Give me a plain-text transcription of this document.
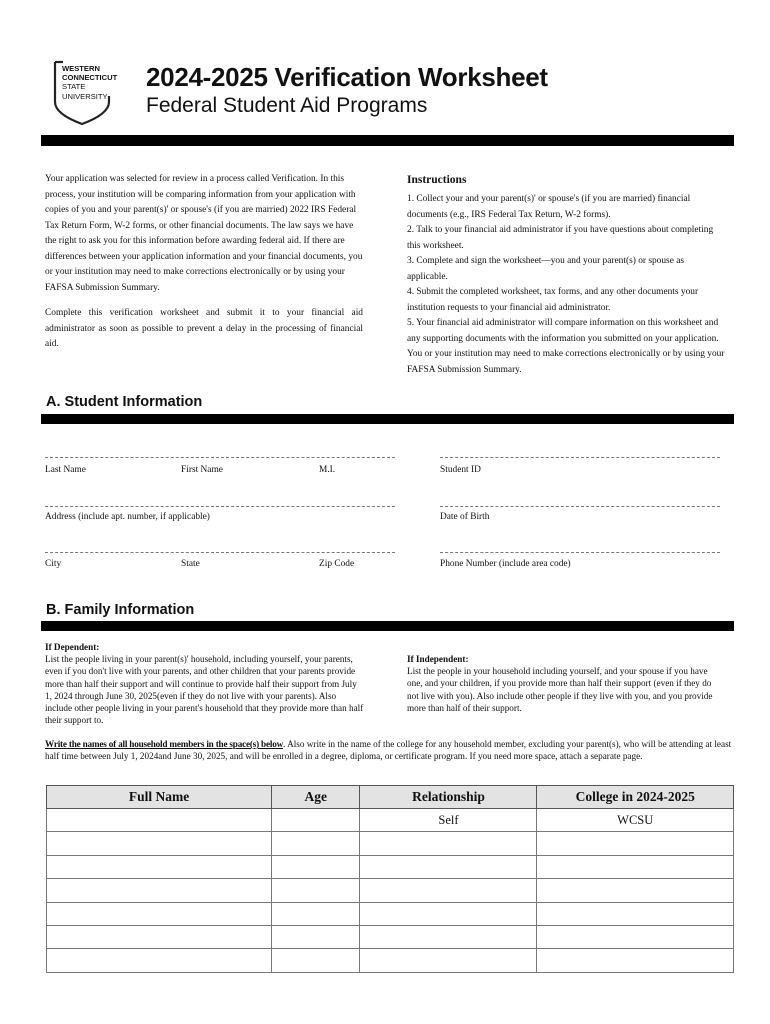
WESTERN
CONNECTICUT
STATE
UNIVERSITY
2024-2025 Verification Worksheet
Federal Student Aid Programs

Your application was selected for review in a process called Verification. In this process, your institution will be comparing information from your application with copies of you and your parent(s)' or spouse's (if you are married) 2022 IRS Federal Tax Return Form, W-2 forms, or other financial documents. The law says we have the right to ask you for this information before awarding federal aid. If there are differences between your application information and your financial documents, you or your institution may need to make corrections electronically or by using your FAFSA Submission Summary.

Complete this verification worksheet and submit it to your financial aid administrator as soon as possible to prevent a delay in the processing of financial aid.

Instructions
1. Collect your and your parent(s)' or spouse's (if you are married) financial documents (e.g., IRS Federal Tax Return, W-2 forms).
2. Talk to your financial aid administrator if you have questions about completing this worksheet.
3. Complete and sign the worksheet—you and your parent(s) or spouse as applicable.
4. Submit the completed worksheet, tax forms, and any other documents your institution requests to your financial aid administrator.
5. Your financial aid administrator will compare information on this worksheet and any supporting documents with the information you submitted on your application. You or your institution may need to make corrections electronically or by using your FAFSA Submission Summary.
A. Student Information
Last Name	First Name	M.I.	Student ID
Address (include apt. number, if applicable)	Date of Birth
City	State	Zip Code	Phone Number (include area code)
B. Family Information
If Dependent:
List the people living in your parent(s)' household, including yourself, your parents, even if you don't live with your parents, and other children that your parents provide more than half their support and will continue to provide half their support from July 1, 2024 through June 30, 2025(even if they do not live with your parents). Also include other people living in your parent's household that they provide more than half their support to.
If Independent:
List the people in your household including yourself, and your spouse if you have one, and your children, if you provide more than half their support (even if they do not live with you). Also include other people if they live with you, and you provide more than half of their support.
Write the names of all household members in the space(s) below. Also write in the name of the college for any household member, excluding your parent(s), who will be attending at least half time between July 1, 2024and June 30, 2025, and will be enrolled in a degree, diploma, or certificate program. If you need more space, attach a separate page.
Full Name	Age	Relationship	College in 2024-2025
		Self	WCSU
